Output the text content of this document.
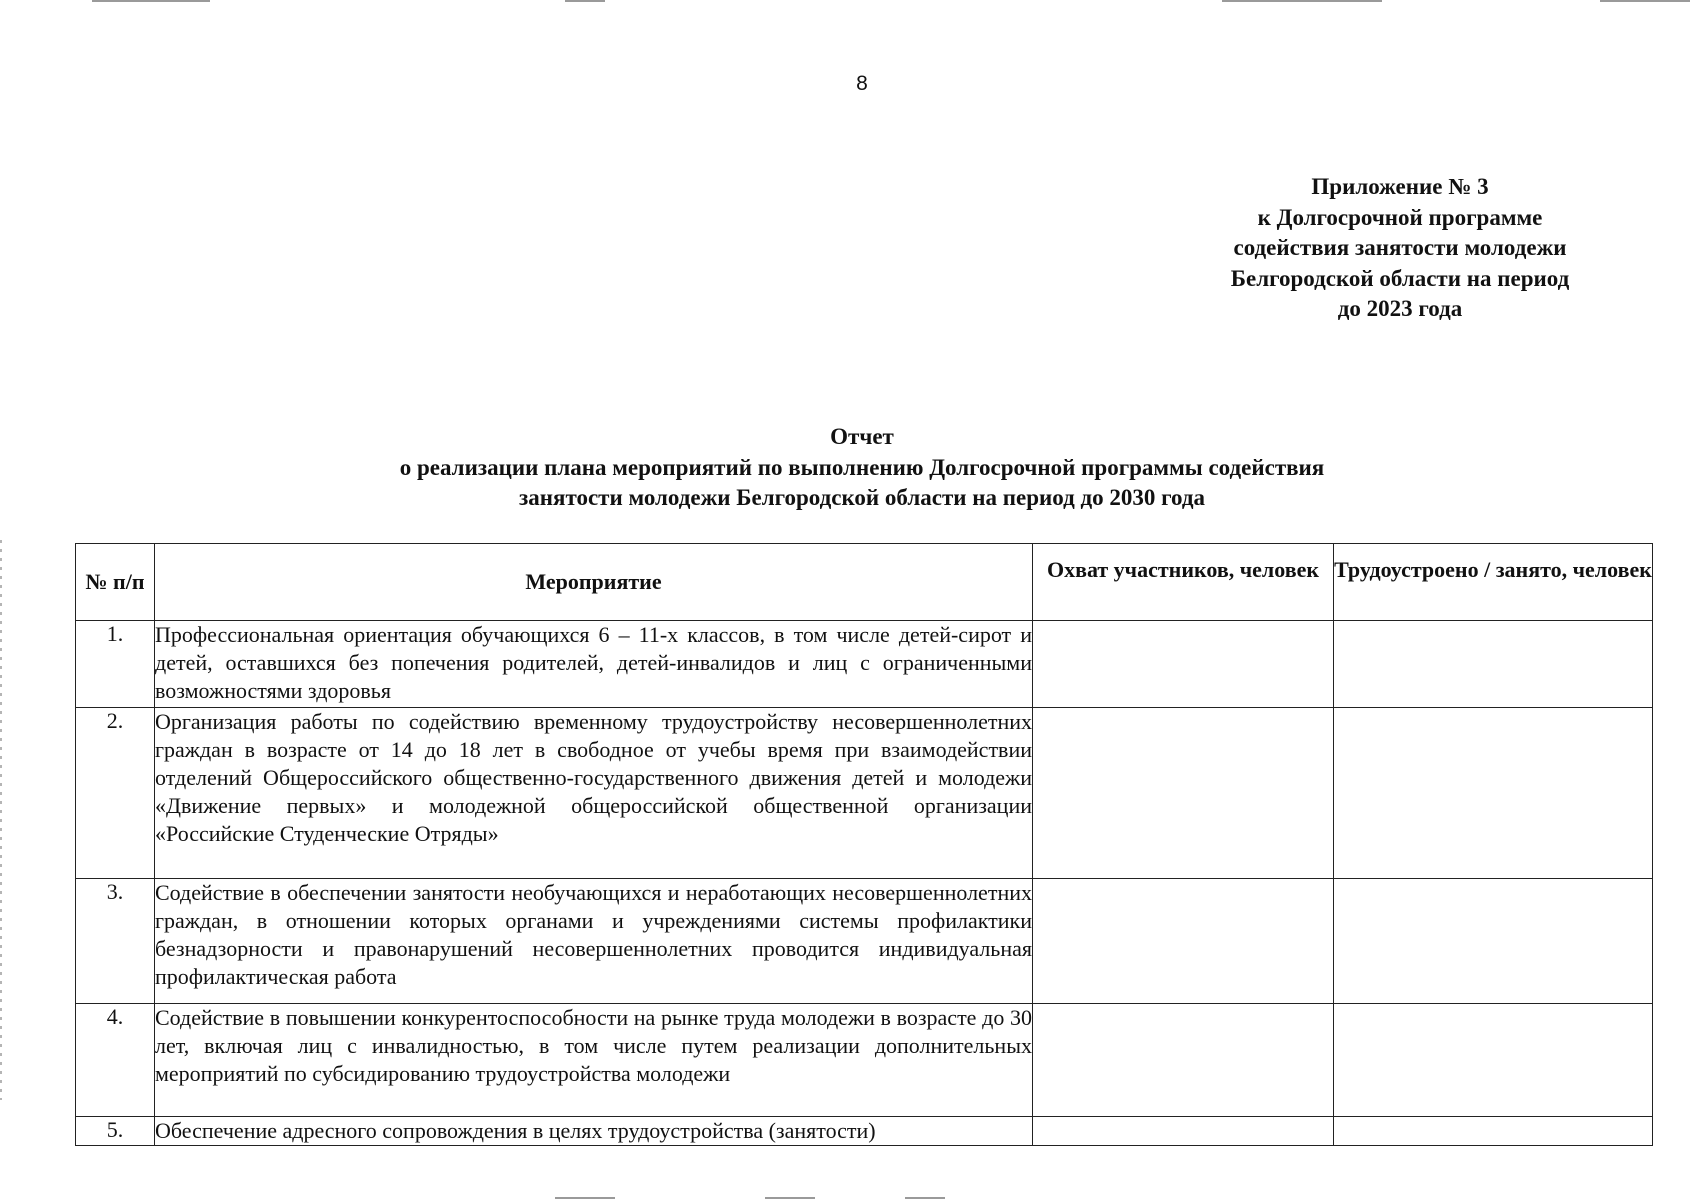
8
Приложение № 3
к Долгосрочной программе
содействия занятости молодежи
Белгородской области на период
до 2023 года
Отчет
о реализации плана мероприятий по выполнению Долгосрочной программы содействия
занятости молодежи Белгородской области на период до 2030 года
№ п/п	Мероприятие	Охват участников, человек	Трудоустроено / занято, человек
1.	Профессиональная ориентация обучающихся 6 – 11-х классов, в том числе детей-сирот и детей, оставшихся без попечения родителей, детей-инвалидов и лиц с ограниченными возможностями здоровья		
2.	Организация работы по содействию временному трудоустройству несовершеннолетних граждан в возрасте от 14 до 18 лет в свободное от учебы время при взаимодействии отделений Общероссийского общественно-государственного движения детей и молодежи «Движение первых» и молодежной общероссийской общественной организации «Российские Студенческие Отряды»		
3.	Содействие в обеспечении занятости необучающихся и неработающих несовершеннолетних граждан, в отношении которых органами и учреждениями системы профилактики безнадзорности и правонарушений несовершеннолетних проводится индивидуальная профилактическая работа		
4.	Содействие в повышении конкурентоспособности на рынке труда молодежи в возрасте до 30 лет, включая лиц с инвалидностью, в том числе путем реализации дополнительных мероприятий по субсидированию трудоустройства молодежи		
5.	Обеспечение адресного сопровождения в целях трудоустройства (занятости)		
